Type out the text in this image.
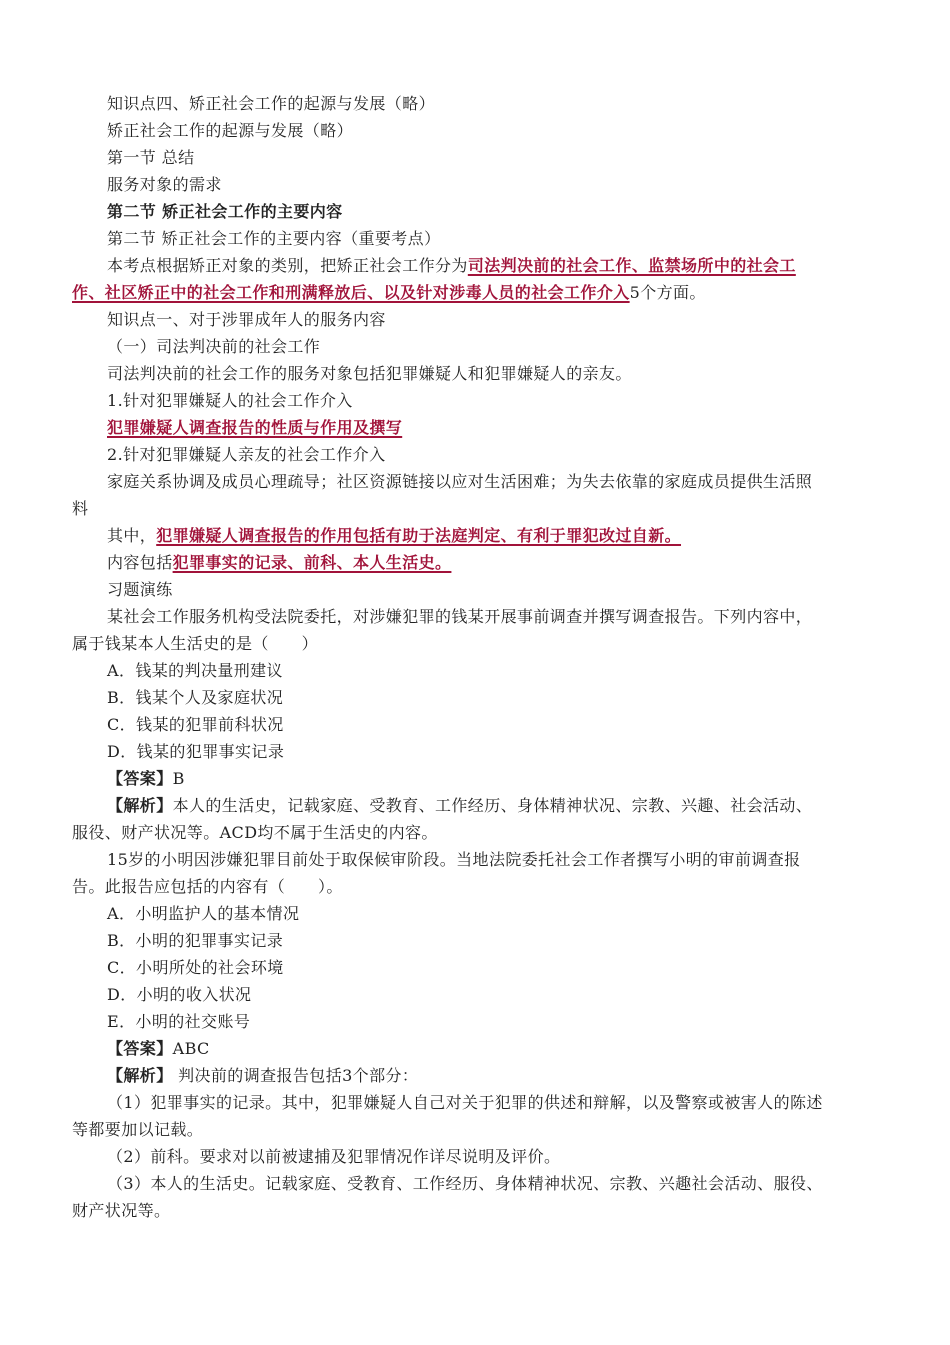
知识点四、矫正社会工作的起源与发展（略）
矫正社会工作的起源与发展（略）
第一节 总结
服务对象的需求
第二节 矫正社会工作的主要内容
第二节 矫正社会工作的主要内容（重要考点）
本考点根据矫正对象的类别，把矫正社会工作分为司法判决前的社会工作、监禁场所中的社会工
作、社区矫正中的社会工作和刑满释放后、以及针对涉毒人员的社会工作介入5个方面。
知识点一、对于涉罪成年人的服务内容
（一）司法判决前的社会工作
司法判决前的社会工作的服务对象包括犯罪嫌疑人和犯罪嫌疑人的亲友。
1.针对犯罪嫌疑人的社会工作介入
犯罪嫌疑人调查报告的性质与作用及撰写
2.针对犯罪嫌疑人亲友的社会工作介入
家庭关系协调及成员心理疏导；社区资源链接以应对生活困难；为失去依靠的家庭成员提供生活照
料
其中，犯罪嫌疑人调查报告的作用包括有助于法庭判定、有利于罪犯改过自新。
内容包括犯罪事实的记录、前科、本人生活史。
习题演练
某社会工作服务机构受法院委托，对涉嫌犯罪的钱某开展事前调查并撰写调查报告。下列内容中，
属于钱某本人生活史的是（　　）
A．钱某的判决量刑建议
B．钱某个人及家庭状况
C．钱某的犯罪前科状况
D．钱某的犯罪事实记录
【答案】B
【解析】本人的生活史，记载家庭、受教育、工作经历、身体精神状况、宗教、兴趣、社会活动、
服役、财产状况等。ACD均不属于生活史的内容。
15岁的小明因涉嫌犯罪目前处于取保候审阶段。当地法院委托社会工作者撰写小明的审前调查报
告。此报告应包括的内容有（　　）。
A．小明监护人的基本情况
B．小明的犯罪事实记录
C．小明所处的社会环境
D．小明的收入状况
E．小明的社交账号
【答案】ABC
【解析】 判决前的调查报告包括3个部分：
（1）犯罪事实的记录。其中，犯罪嫌疑人自己对关于犯罪的供述和辩解，以及警察或被害人的陈述
等都要加以记载。
（2）前科。要求对以前被逮捕及犯罪情况作详尽说明及评价。
（3）本人的生活史。记载家庭、受教育、工作经历、身体精神状况、宗教、兴趣社会活动、服役、
财产状况等。
